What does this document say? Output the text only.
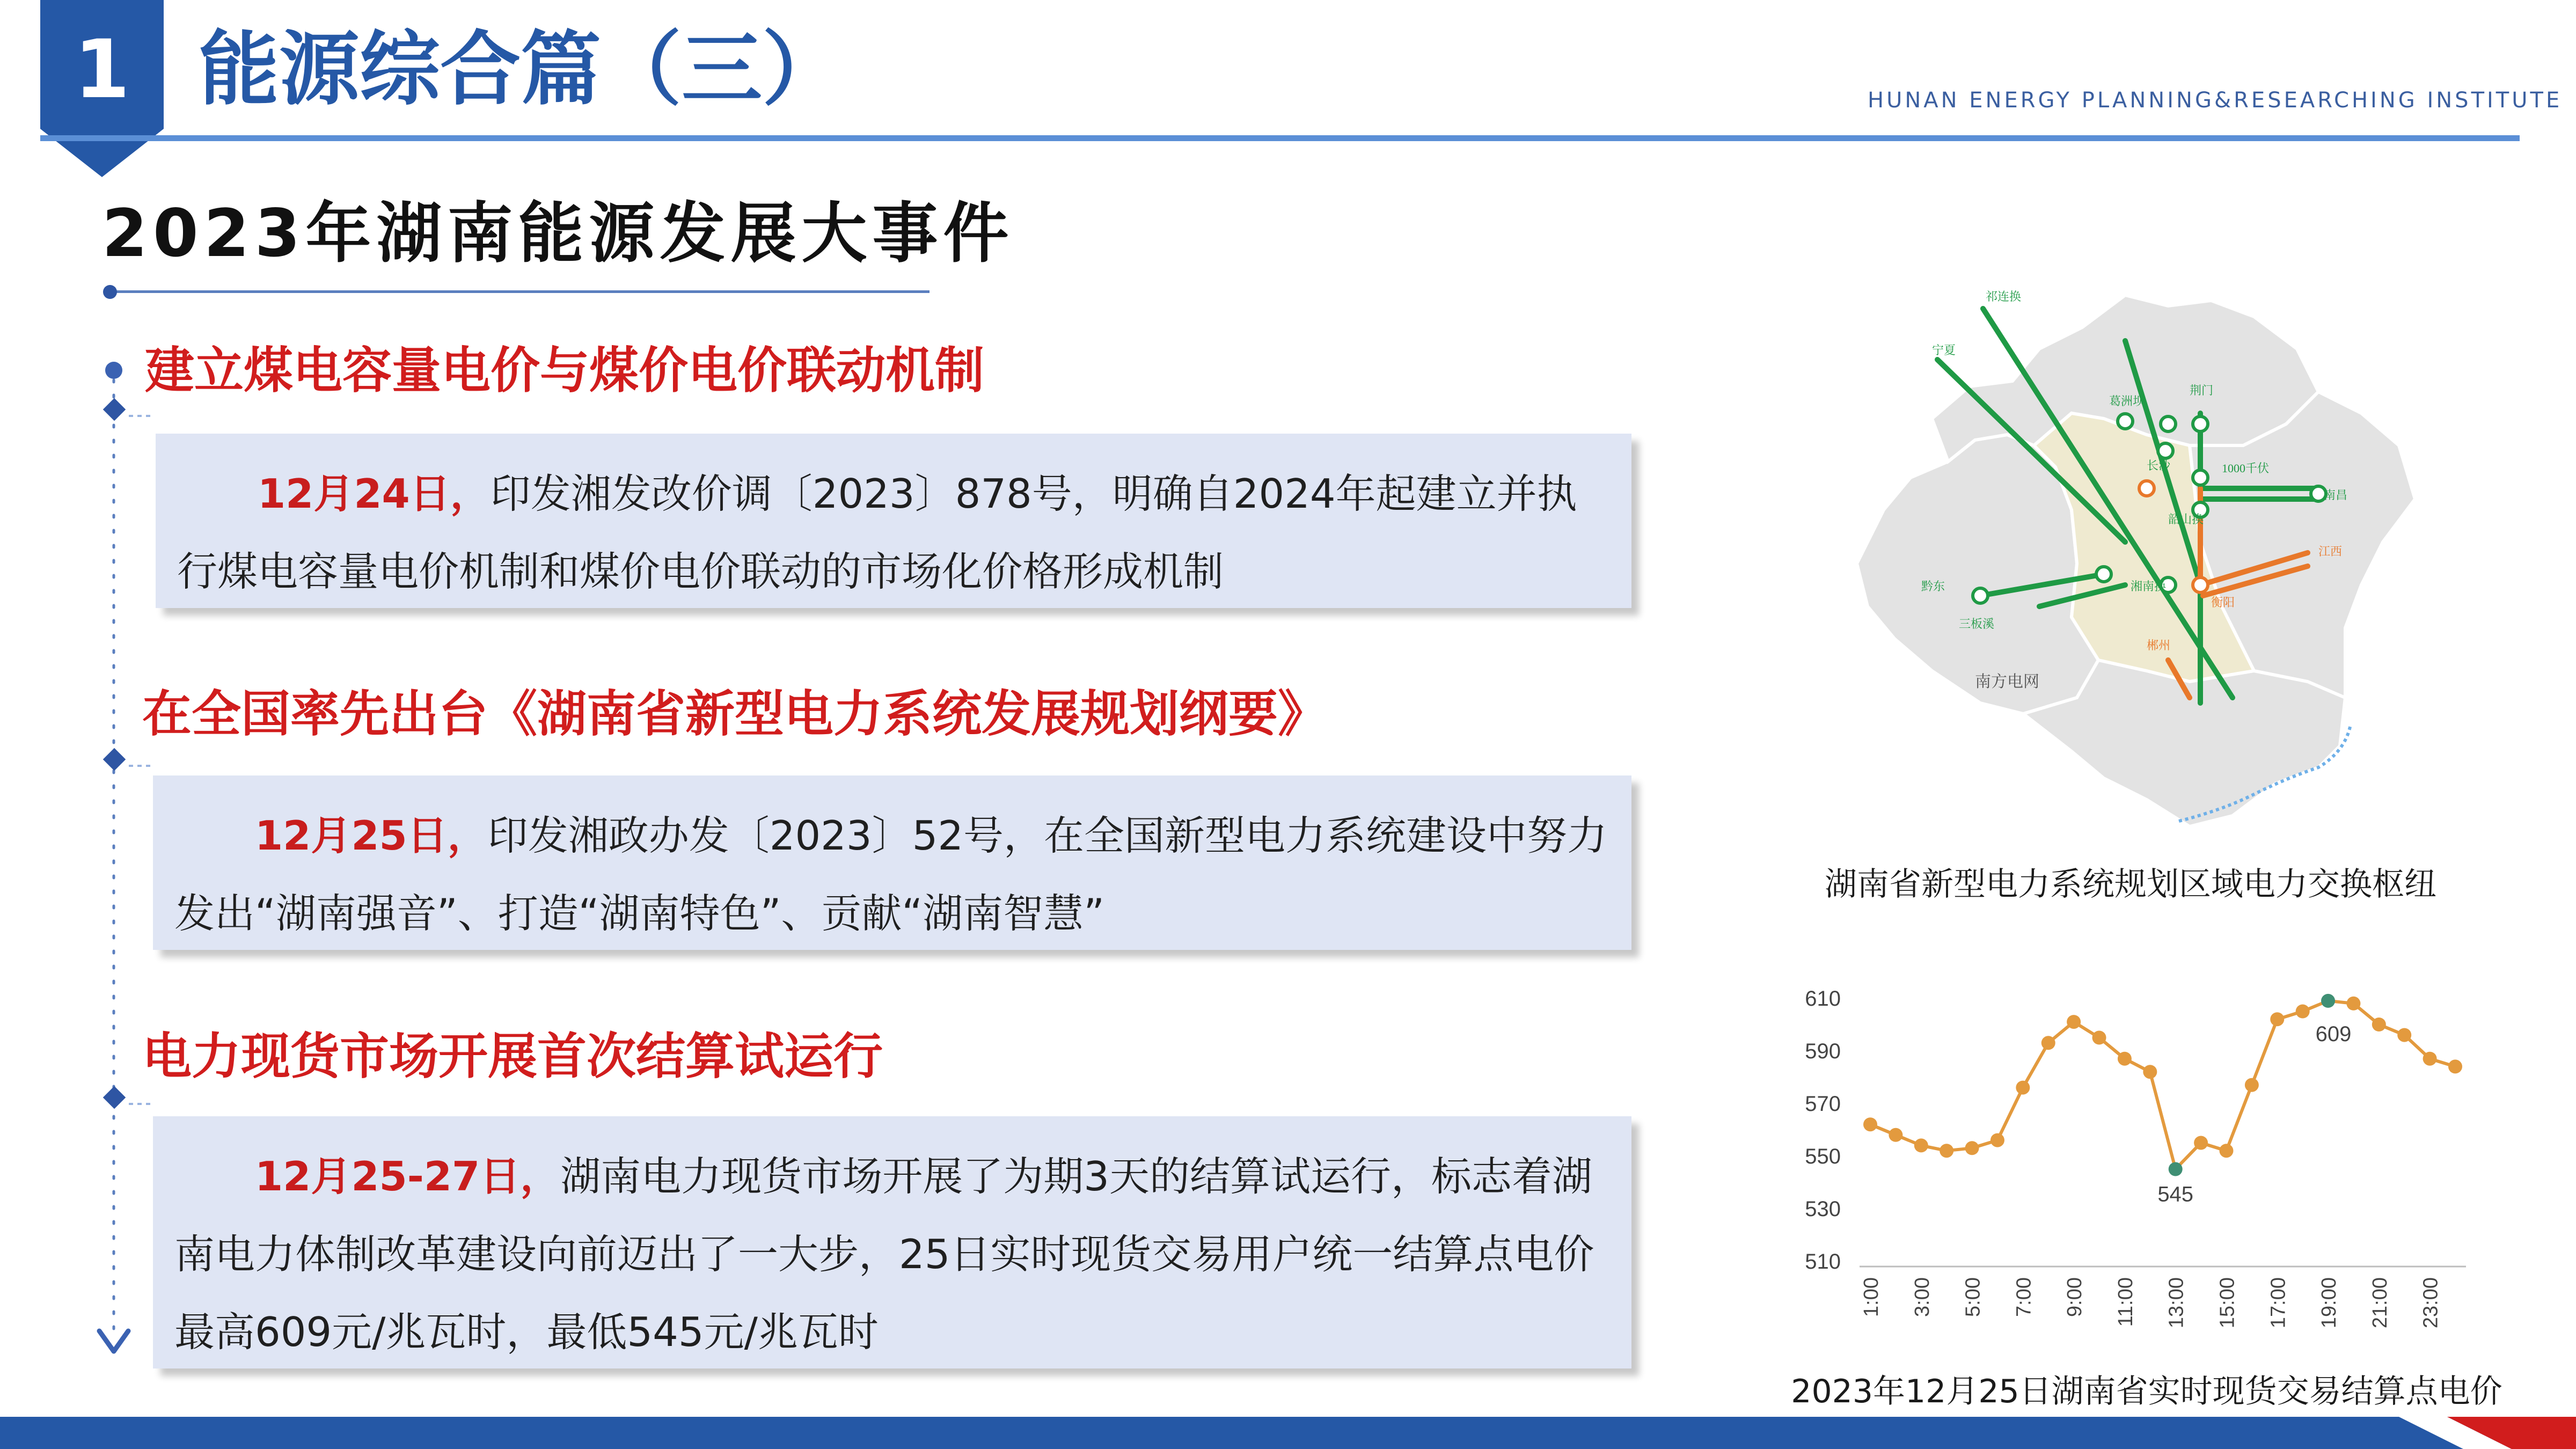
1 能源综合篇（三）	HUNAN ENERGY PLANNING&RESEARCHING INSTITUTE
2023年湖南能源发展大事件
建立煤电容量电价与煤价电价联动机制

12月24日，印发湘发改价调〔2023〕878号，明确自2024年起建立并执行煤电容量电价机制和煤价电价联动的市场化价格形成机制

在全国率先出台《湖南省新型电力系统发展规划纲要》

12月25日，印发湘政办发〔2023〕52号，在全国新型电力系统建设中努力发出“湖南强音”、打造“湖南特色”、贡献“湖南智慧”

电力现货市场开展首次结算试运行

12月25-27日，湖南电力现货市场开展了为期3天的结算试运行，标志着湖南电力体制改革建设向前迈出了一大步，25日实时现货交易用户统一结算点电价最高609元/兆瓦时，最低545元/兆瓦时

祁连换
宁夏
荆门
葛洲坝
南昌
长沙
韶山换
湘南换
黔东
三板溪
1000千伏
江西
衡阳
郴州
南方电网
湖南省新型电力系统规划区域电力交换枢纽
510
530
550
570
590
610
1:00 3:00 5:00 7:00 9:00 11:00 13:00 15:00 17:00 19:00 21:00 23:00
545
609
2023年12月25日湖南省实时现货交易结算点电价
